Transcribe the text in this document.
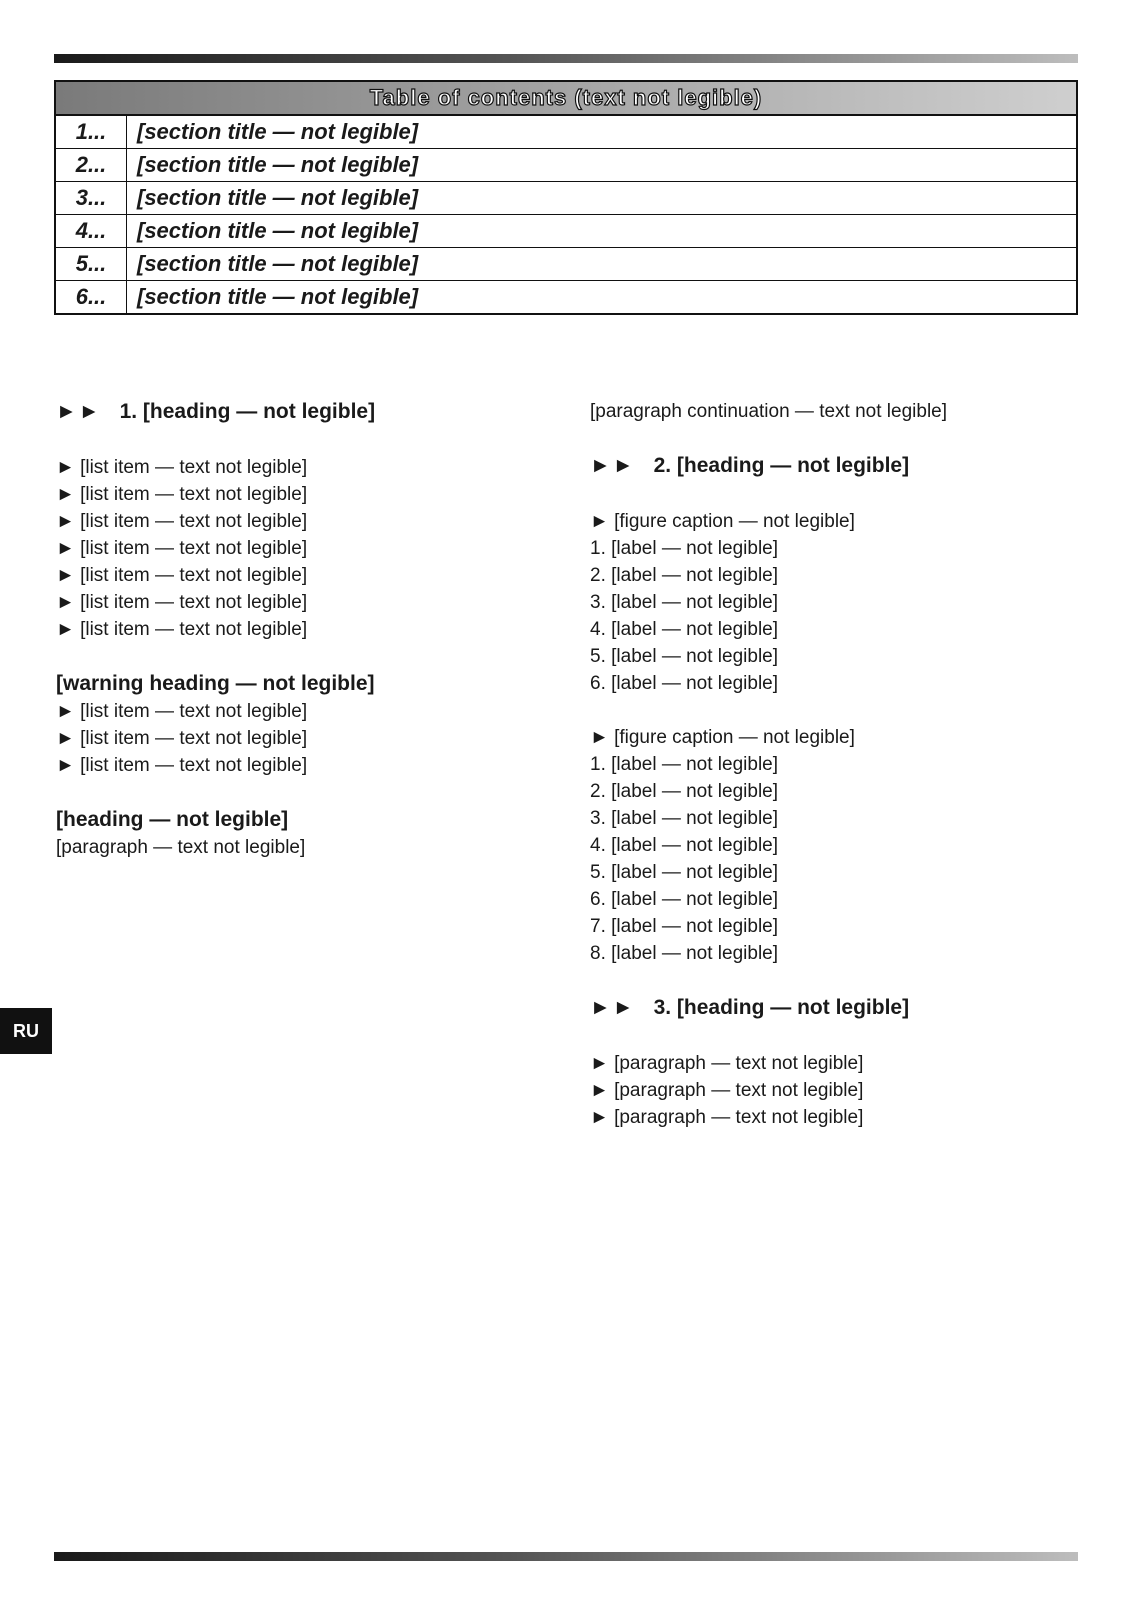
Table of contents (text not legible)	
1...	[section title — not legible]
2...	[section title — not legible]
3...	[section title — not legible]
4...	[section title — not legible]
5...	[section title — not legible]
6...	[section title — not legible]
RU
►► 1. [heading — not legible]

► [list item — text not legible]

► [list item — text not legible]

► [list item — text not legible]

► [list item — text not legible]

► [list item — text not legible]

► [list item — text not legible]

► [list item — text not legible]

[warning heading — not legible]

► [list item — text not legible]

► [list item — text not legible]

► [list item — text not legible]

[heading — not legible]

[paragraph — text not legible]

[paragraph continuation — text not legible]

►► 2. [heading — not legible]

► [figure caption — not legible]

1. [label — not legible]

2. [label — not legible]

3. [label — not legible]

4. [label — not legible]

5. [label — not legible]

6. [label — not legible]

► [figure caption — not legible]

1. [label — not legible]

2. [label — not legible]

3. [label — not legible]

4. [label — not legible]

5. [label — not legible]

6. [label — not legible]

7. [label — not legible]

8. [label — not legible]

►► 3. [heading — not legible]

► [paragraph — text not legible]

► [paragraph — text not legible]

► [paragraph — text not legible]
